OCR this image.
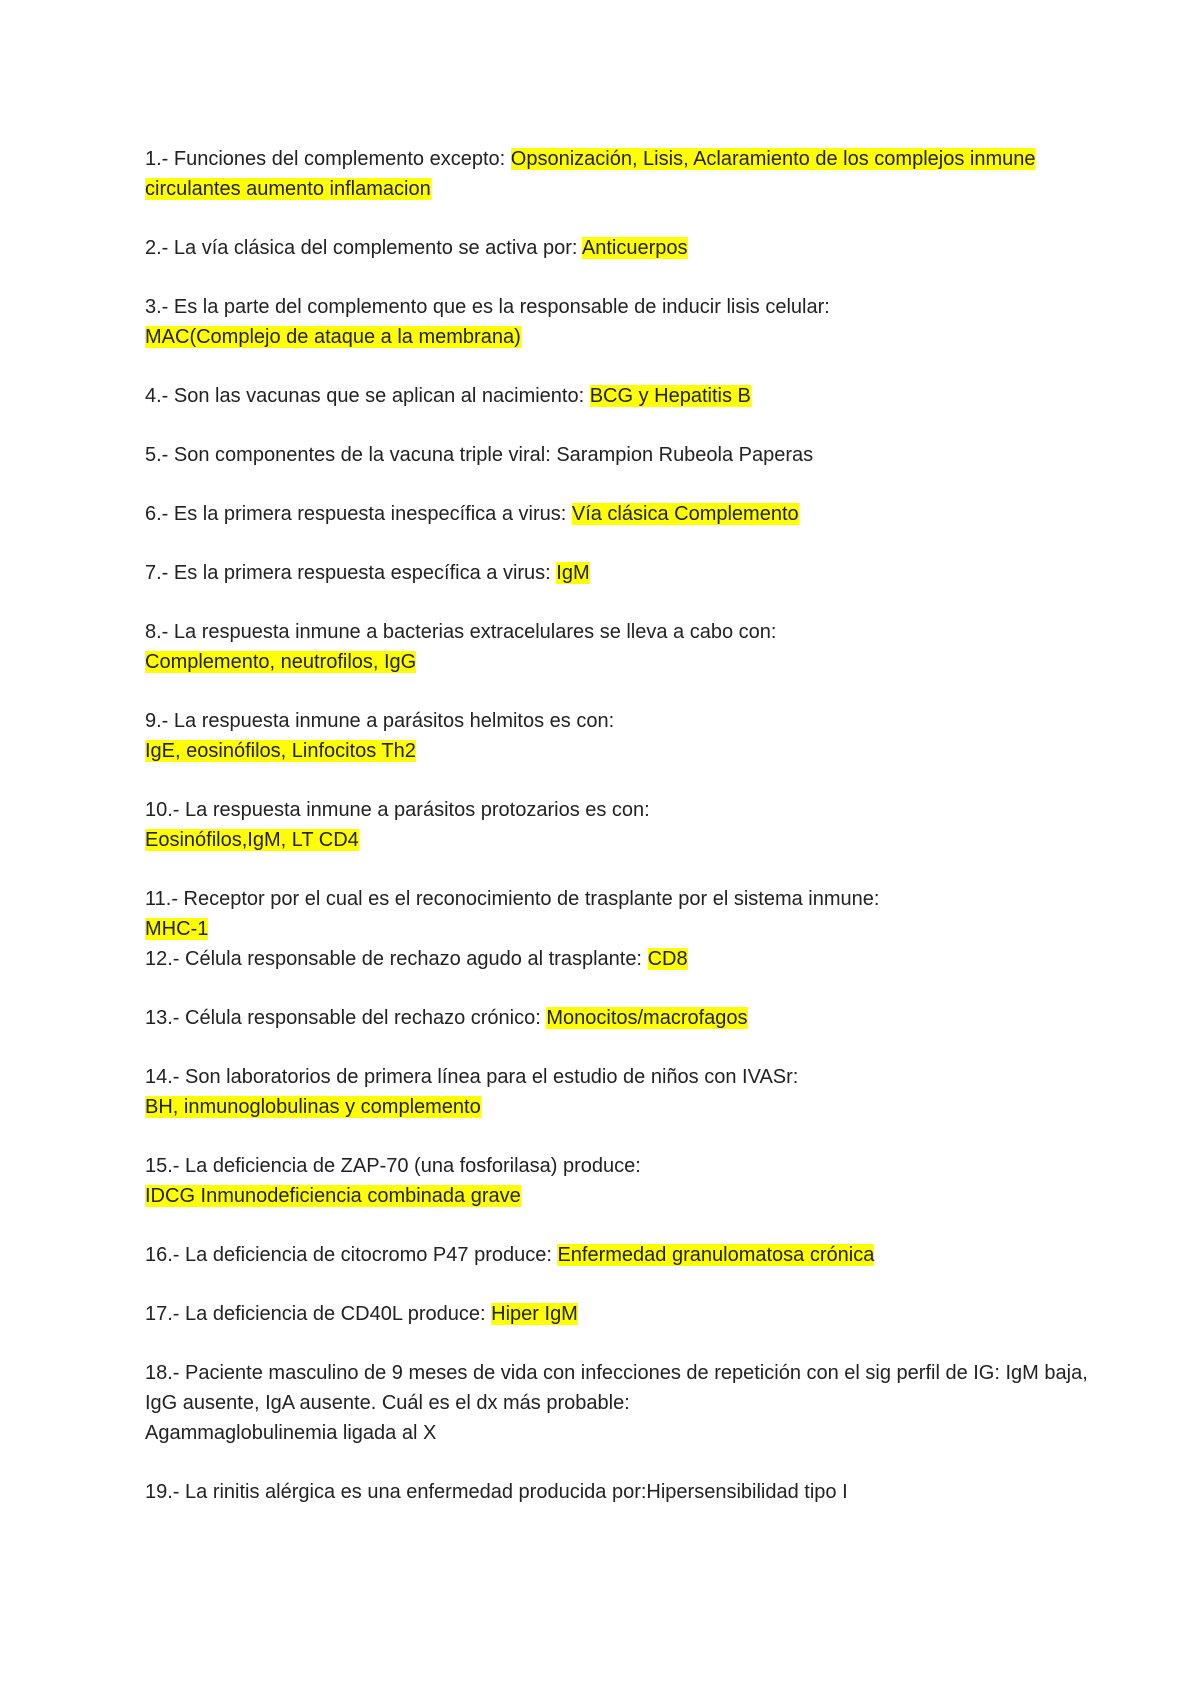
1.- Funciones del complemento excepto: Opsonización, Lisis, Aclaramiento de los complejos inmune circulantes aumento inflamacion

2.- La vía clásica del complemento se activa por: Anticuerpos

3.- Es la parte del complemento que es la responsable de inducir lisis celular:
MAC(Complejo de ataque a la membrana)

4.- Son las vacunas que se aplican al nacimiento: BCG y Hepatitis B

5.- Son componentes de la vacuna triple viral: Sarampion Rubeola Paperas

6.- Es la primera respuesta inespecífica a virus: Vía clásica Complemento

7.- Es la primera respuesta específica a virus: IgM

8.- La respuesta inmune a bacterias extracelulares se lleva a cabo con:
Complemento, neutrofilos, IgG

9.- La respuesta inmune a parásitos helmitos es con:
IgE, eosinófilos, Linfocitos Th2

10.- La respuesta inmune a parásitos protozarios es con:
Eosinófilos,IgM, LT CD4

11.- Receptor por el cual es el reconocimiento de trasplante por el sistema inmune:
MHC-1

12.- Célula responsable de rechazo agudo al trasplante: CD8

13.- Célula responsable del rechazo crónico: Monocitos/macrofagos

14.- Son laboratorios de primera línea para el estudio de niños con IVASr:
BH, inmunoglobulinas y complemento

15.- La deficiencia de ZAP-70 (una fosforilasa) produce:
IDCG Inmunodeficiencia combinada grave

16.- La deficiencia de citocromo P47 produce: Enfermedad granulomatosa crónica

17.- La deficiencia de CD40L produce: Hiper IgM

18.- Paciente masculino de 9 meses de vida con infecciones de repetición con el sig perfil de IG: IgM baja, IgG ausente, IgA ausente. Cuál es el dx más probable:
Agammaglobulinemia ligada al X

19.- La rinitis alérgica es una enfermedad producida por:Hipersensibilidad tipo I
